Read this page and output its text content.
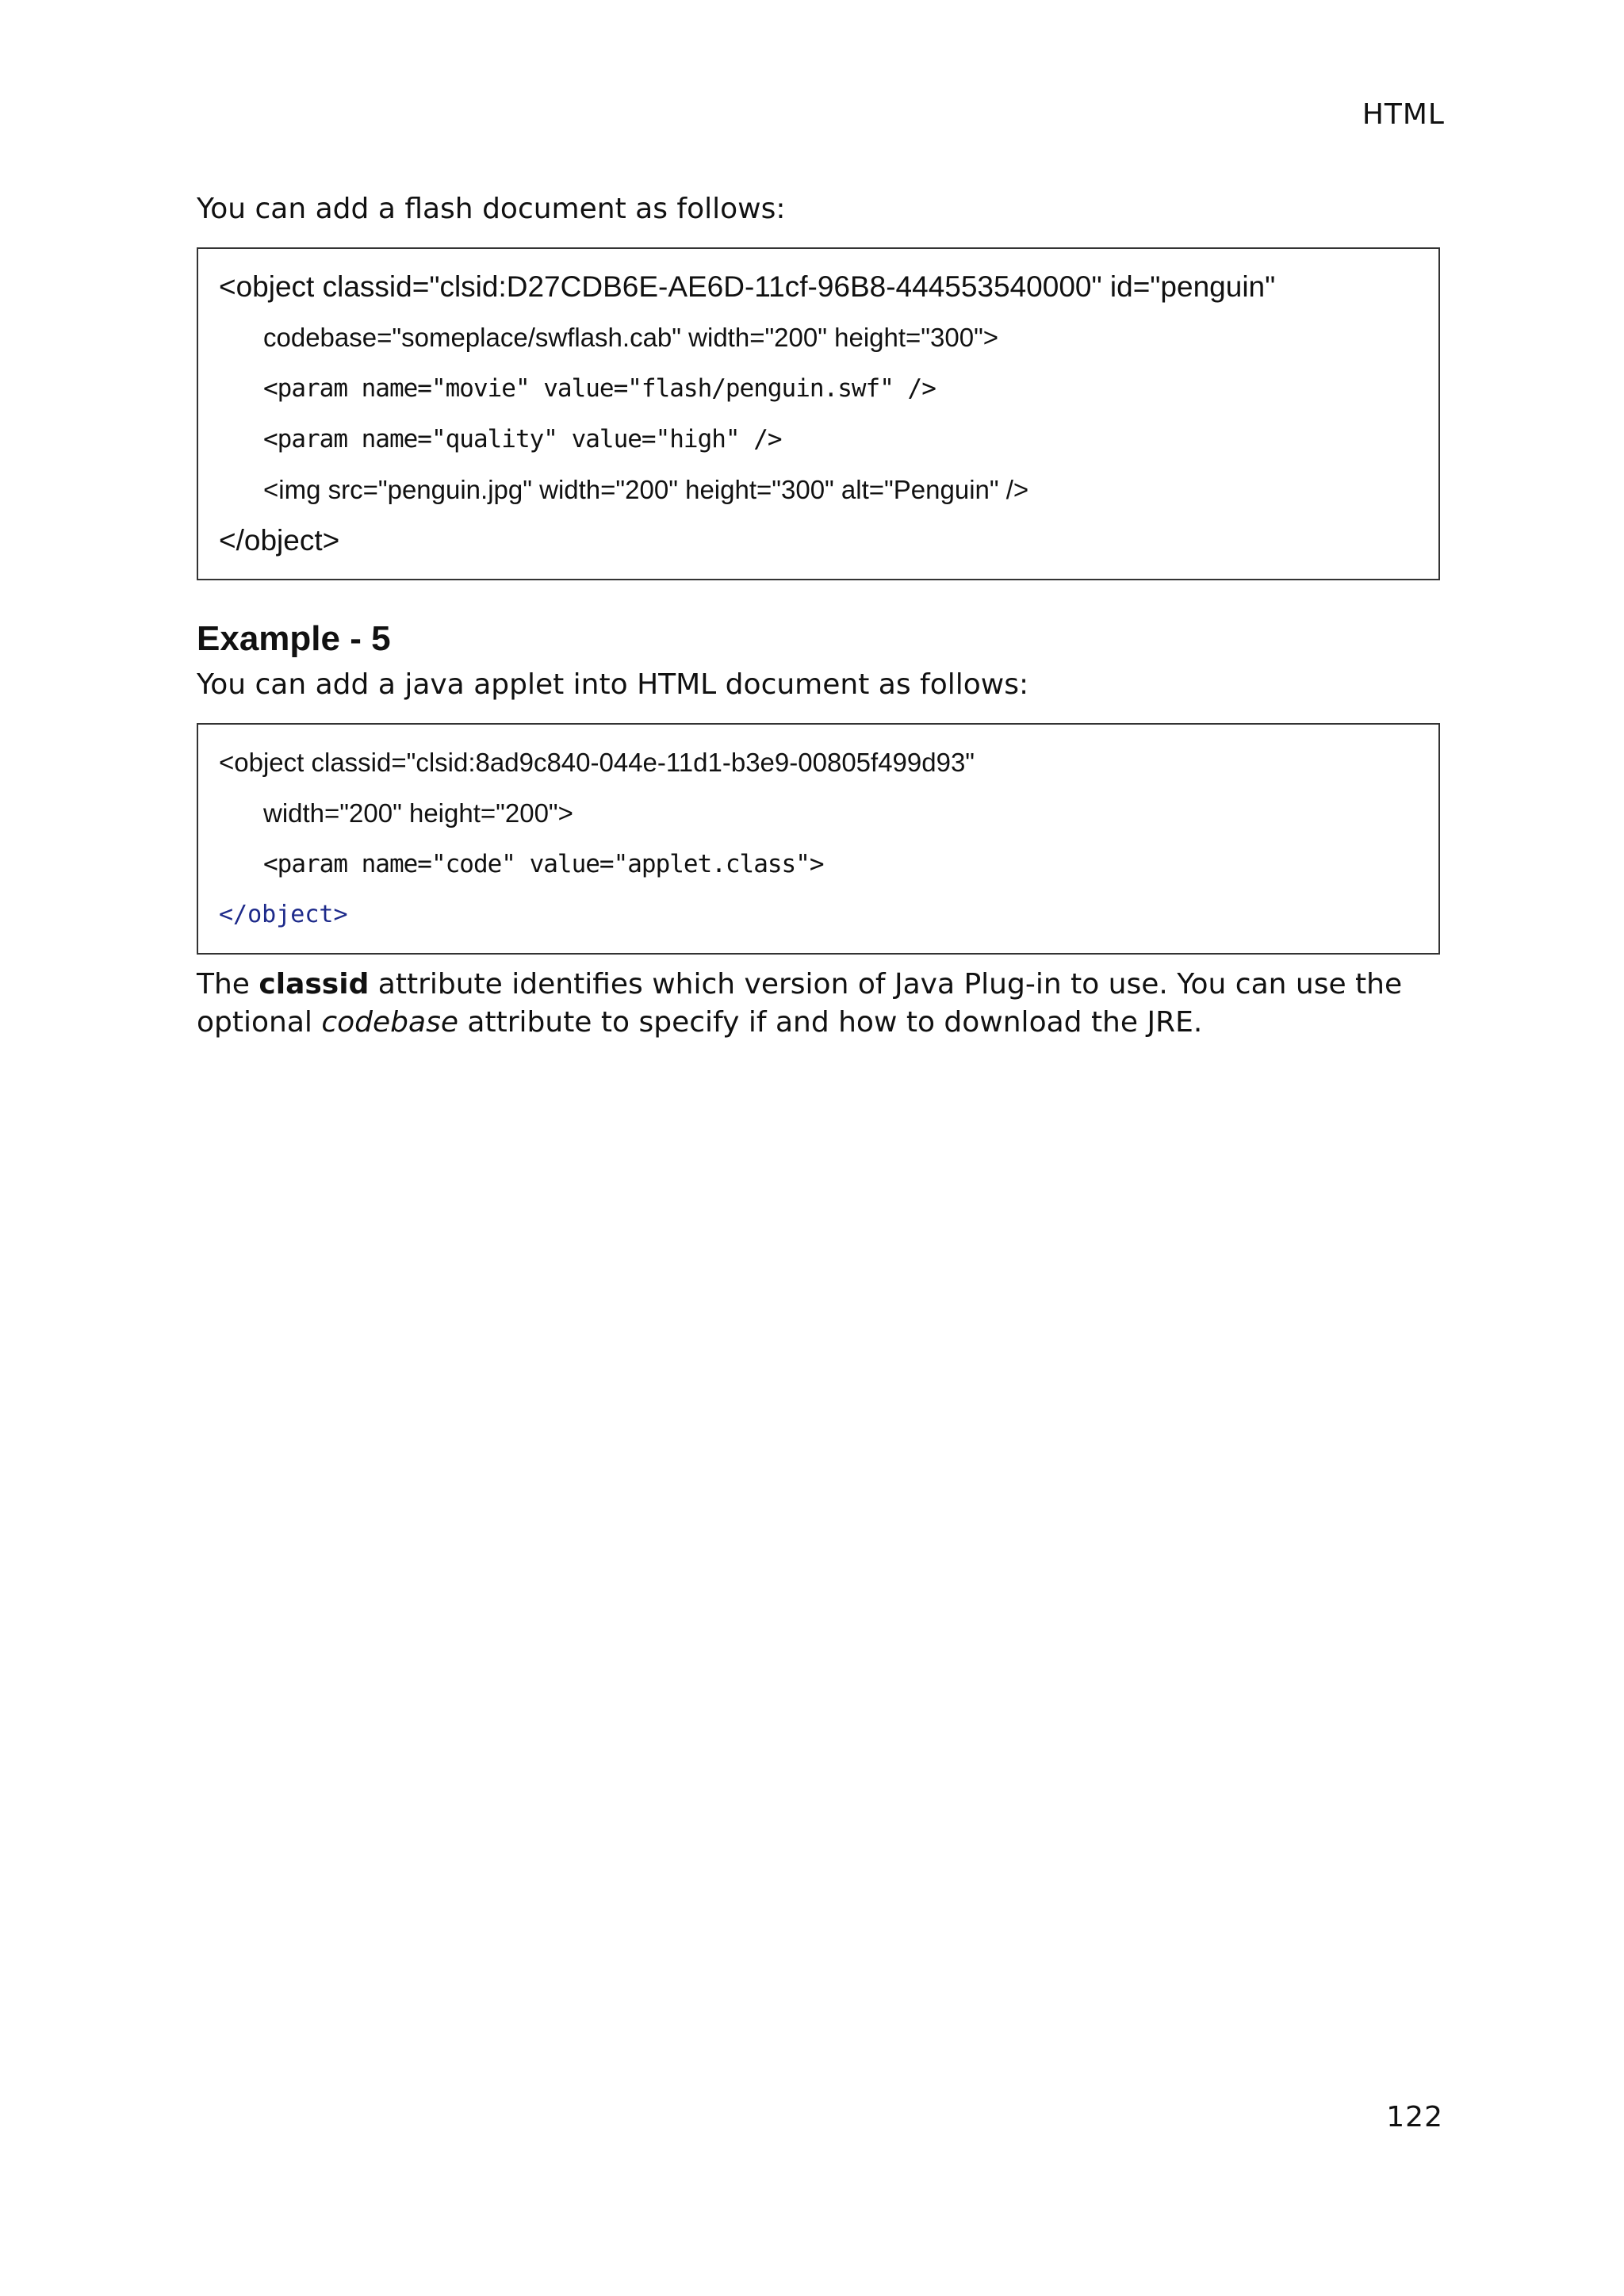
HTML

You can add a flash document as follows:

<object classid="clsid:D27CDB6E-AE6D-11cf-96B8-444553540000" id="penguin"
codebase="someplace/swflash.cab" width="200" height="300">
<param name="movie" value="flash/penguin.swf" />
<param name="quality" value="high" />
<img src="penguin.jpg" width="200" height="300" alt="Penguin" />
</object>
Example - 5

You can add a java applet into HTML document as follows:

<object classid="clsid:8ad9c840-044e-11d1-b3e9-00805f499d93"
width="200" height="200">
<param name="code" value="applet.class">
</object>

The classid attribute identifies which version of Java Plug-in to use. You can use the optional codebase attribute to specify if and how to download the JRE.

122
